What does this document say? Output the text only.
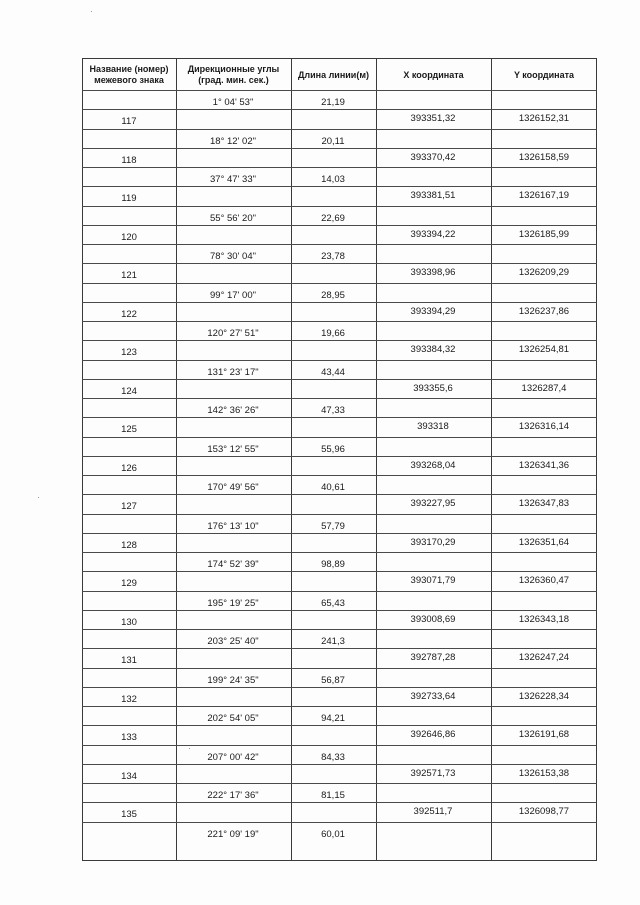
Название (номер) межевого знака
Дирекционные углы (град. мин. сек.)
Длина линии(м)	X координата	Y координата
1° 04' 53"	21,19
117	393351,32	1326152,31
18° 12' 02"	20,11
118	393370,42	1326158,59
37° 47' 33"	14,03
119	393381,51	1326167,19
55° 56' 20"	22,69
120	393394,22	1326185,99
78° 30' 04"	23,78
121	393398,96	1326209,29
99° 17' 00"	28,95
122	393394,29	1326237,86
120° 27' 51"	19,66
123	393384,32	1326254,81
131° 23' 17"	43,44
124	393355,6	1326287,4
142° 36' 26"	47,33
125	393318	1326316,14
153° 12' 55"	55,96
126	393268,04	1326341,36
170° 49' 56"	40,61
127	393227,95	1326347,83
176° 13' 10"	57,79
128	393170,29	1326351,64
174° 52' 39"	98,89
129	393071,79	1326360,47
195° 19' 25"	65,43
130	393008,69	1326343,18
203° 25' 40"	241,3
131	392787,28	1326247,24
199° 24' 35"	56,87
132	392733,64	1326228,34
202° 54' 05"	94,21
133	392646,86	1326191,68
207° 00' 42"	84,33
134	392571,73	1326153,38
222° 17' 36"	81,15
135	392511,7	1326098,77
221° 09' 19"	60,01
